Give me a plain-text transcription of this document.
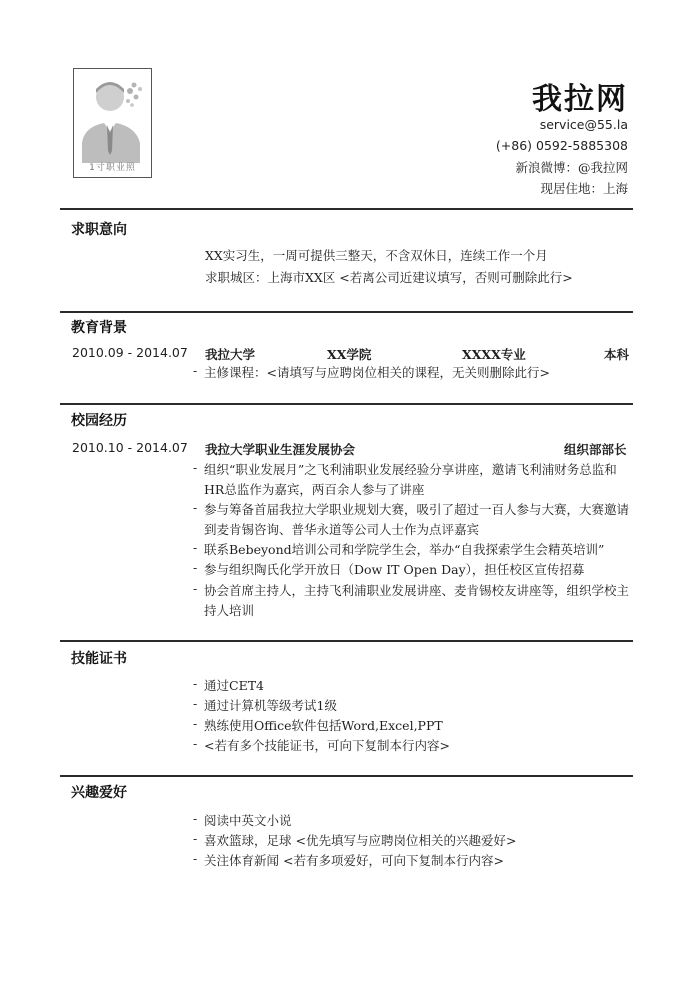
1寸职业照
我拉网
service@55.la
(+86) 0592-5885308
新浪微博：@我拉网
现居住地：上海
求职意向
XX实习生，一周可提供三整天，不含双休日，连续工作一个月
求职城区：上海市XX区 <若离公司近建议填写，否则可删除此行>
教育背景
2010.09 - 2014.07 我拉大学	XX学院	XXXX专业	本科
- 主修课程：<请填写与应聘岗位相关的课程，无关则删除此行>
校园经历
2010.10 - 2014.07 我拉大学职业生涯发展协会	组织部部长
- 组织“职业发展月”之飞利浦职业发展经验分享讲座，邀请飞利浦财务总监和HR总监作为嘉宾，两百余人参与了讲座
- 参与筹备首届我拉大学职业规划大赛，吸引了超过一百人参与大赛，大赛邀请到麦肯锡咨询、普华永道等公司人士作为点评嘉宾
- 联系Bebeyond培训公司和学院学生会，举办“自我探索学生会精英培训”
- 参与组织陶氏化学开放日（Dow IT Open Day），担任校区宣传招募
- 协会首席主持人，主持飞利浦职业发展讲座、麦肯锡校友讲座等，组织学校主持人培训
技能证书
- 通过CET4
- 通过计算机等级考试1级
- 熟练使用Office软件包括Word,Excel,PPT
- <若有多个技能证书，可向下复制本行内容>
兴趣爱好
- 阅读中英文小说
- 喜欢篮球，足球 <优先填写与应聘岗位相关的兴趣爱好>
- 关注体育新闻 <若有多项爱好，可向下复制本行内容>
